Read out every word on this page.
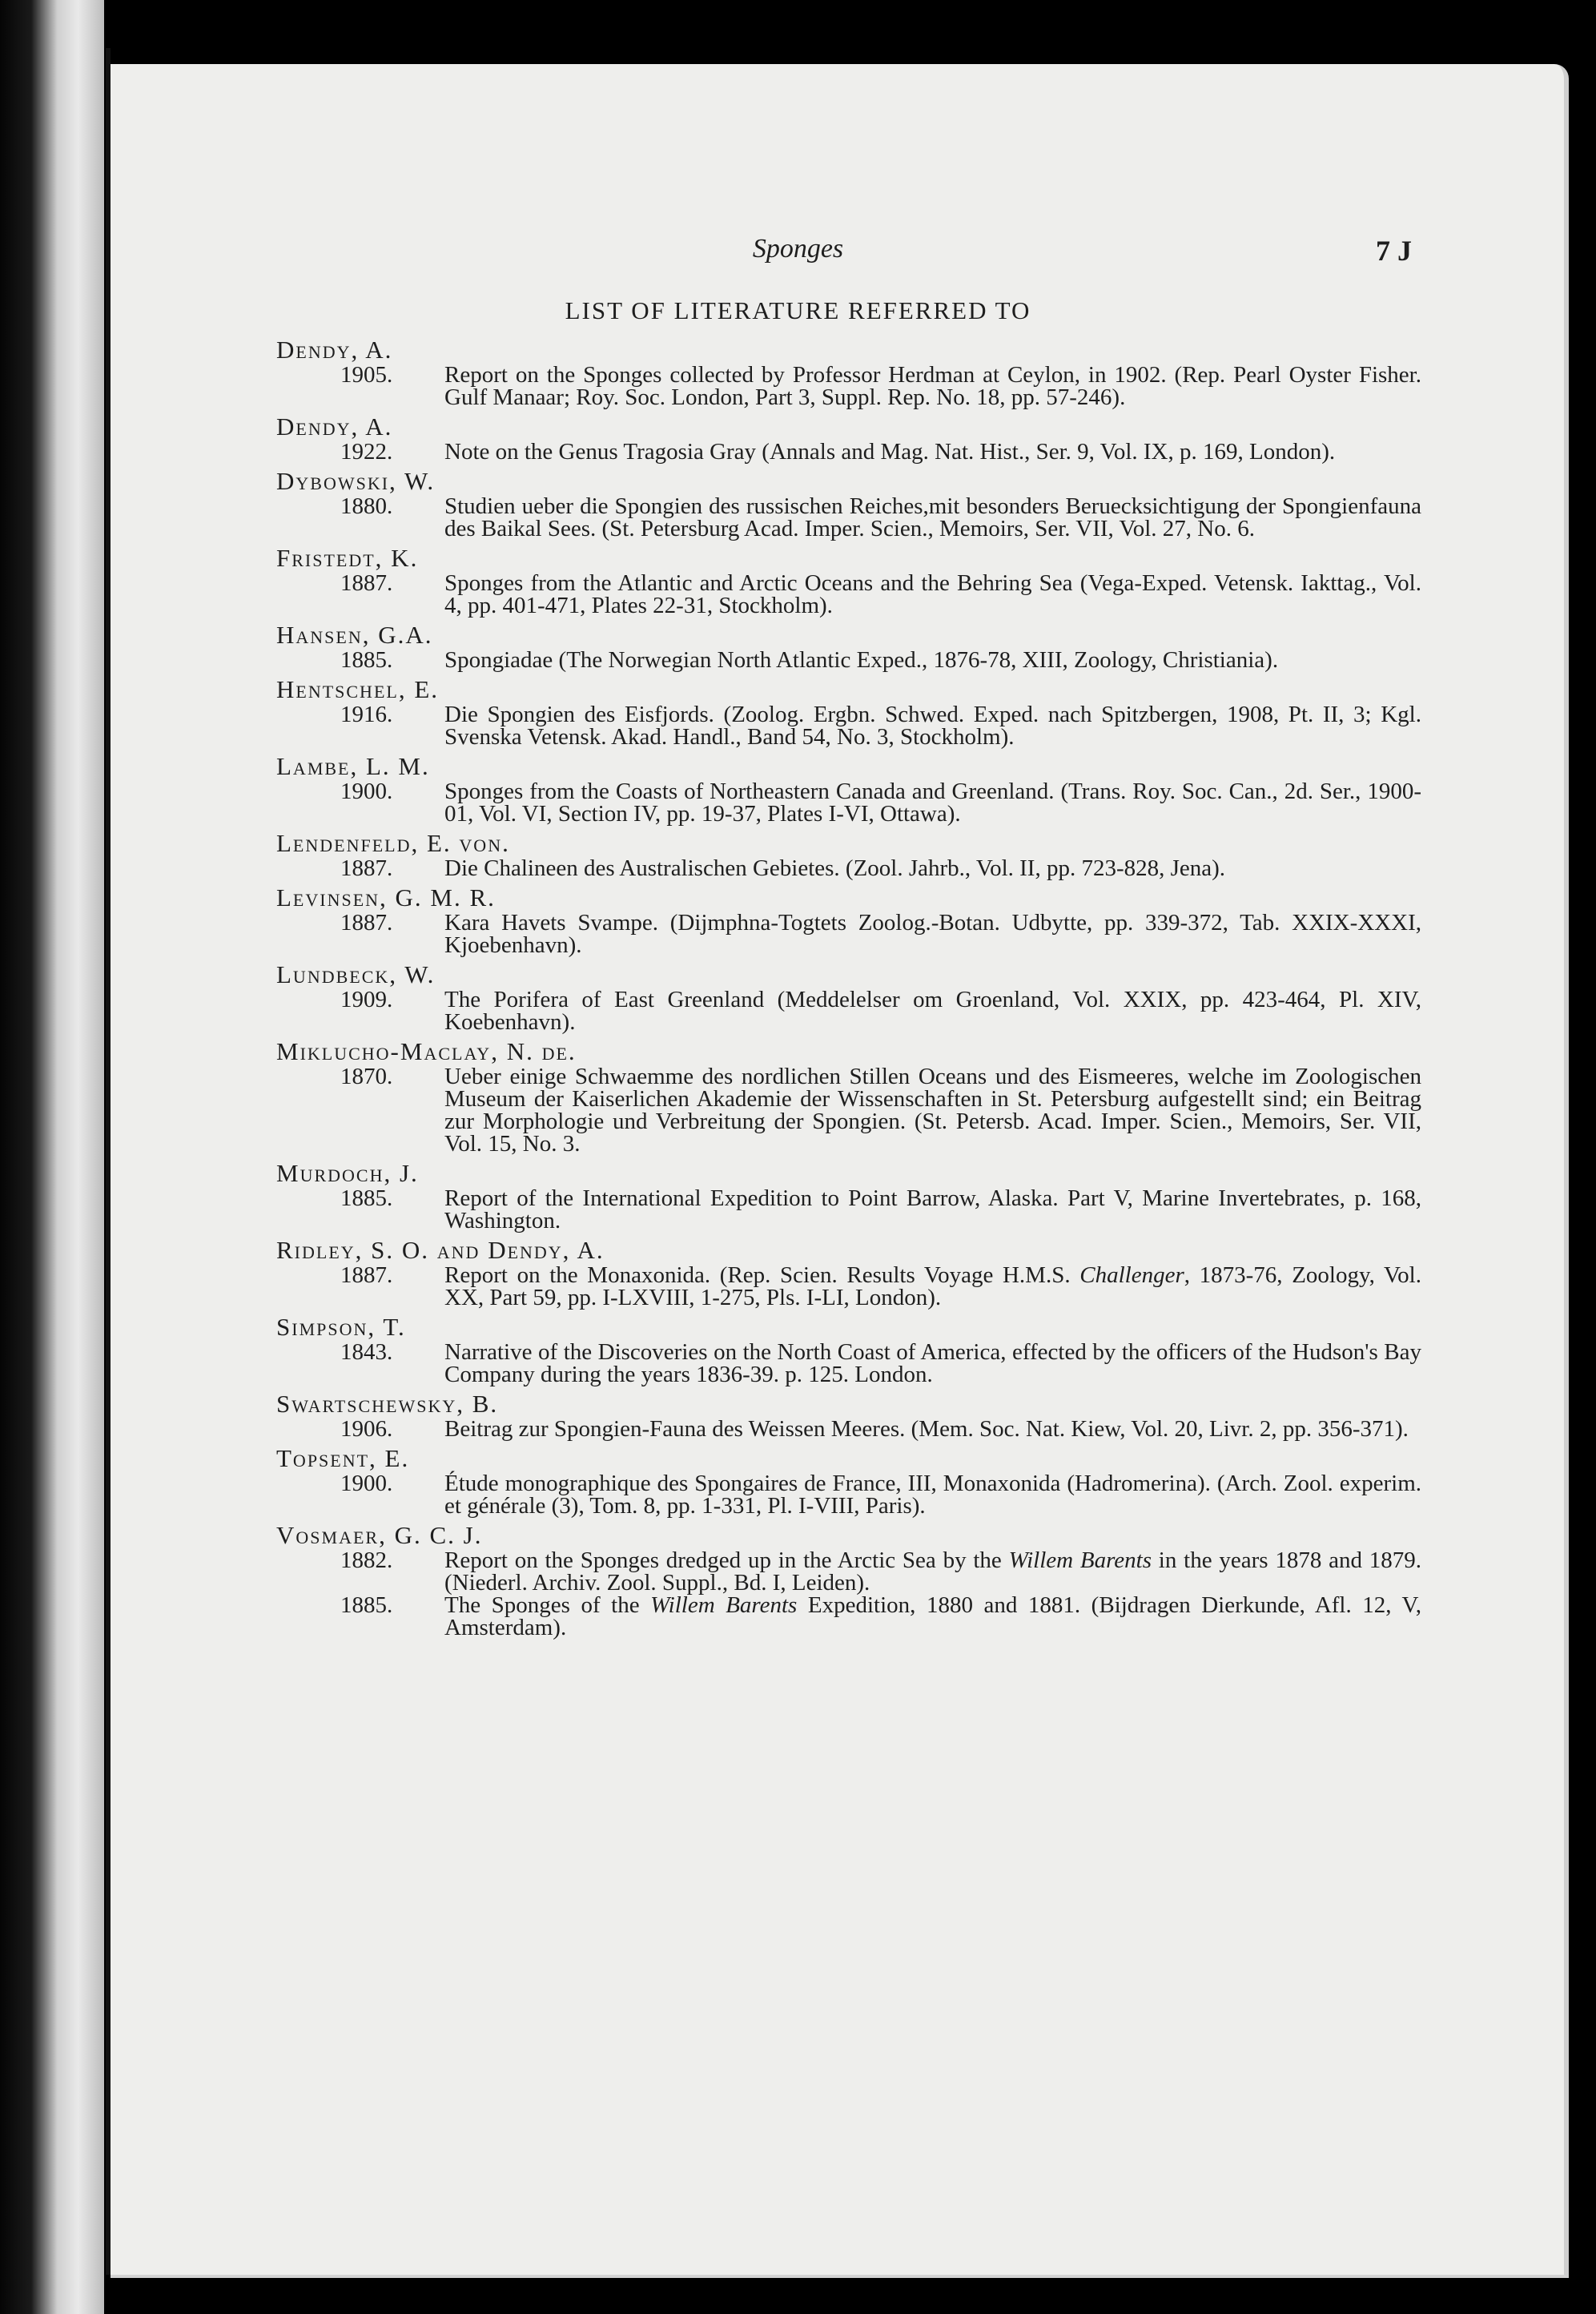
Sponges	7 J
LIST OF LITERATURE REFERRED TO
Dendy, A.
1905.	Report on the Sponges collected by Professor Herdman at Ceylon, in 1902. (Rep. Pearl Oyster Fisher. Gulf Manaar; Roy. Soc. London, Part 3, Suppl. Rep. No. 18, pp. 57-246).
Dendy, A.
1922.	Note on the Genus Tragosia Gray (Annals and Mag. Nat. Hist., Ser. 9, Vol. IX, p. 169, London).
Dybowski, W.
1880.	Studien ueber die Spongien des russischen Reiches,mit besonders Beruecksichtigung der Spongienfauna des Baikal Sees. (St. Petersburg Acad. Imper. Scien., Memoirs, Ser. VII, Vol. 27, No. 6.
Fristedt, K.
1887.	Sponges from the Atlantic and Arctic Oceans and the Behring Sea (Vega-Exped. Vetensk. Iakttag., Vol. 4, pp. 401-471, Plates 22-31, Stockholm).
Hansen, G.A.
1885.	Spongiadae (The Norwegian North Atlantic Exped., 1876-78, XIII, Zoology, Christiania).
Hentschel, E.
1916.	Die Spongien des Eisfjords. (Zoolog. Ergbn. Schwed. Exped. nach Spitzbergen, 1908, Pt. II, 3; Kgl. Svenska Vetensk. Akad. Handl., Band 54, No. 3, Stockholm).
Lambe, L. M.
1900.	Sponges from the Coasts of Northeastern Canada and Greenland. (Trans. Roy. Soc. Can., 2d. Ser., 1900-01, Vol. VI, Section IV, pp. 19-37, Plates I-VI, Ottawa).
Lendenfeld, E. von.
1887.	Die Chalineen des Australischen Gebietes. (Zool. Jahrb., Vol. II, pp. 723-828, Jena).
Levinsen, G. M. R.
1887.	Kara Havets Svampe. (Dijmphna-Togtets Zoolog.-Botan. Udbytte, pp. 339-372, Tab. XXIX-XXXI, Kjoebenhavn).
Lundbeck, W.
1909.	The Porifera of East Greenland (Meddelelser om Groenland, Vol. XXIX, pp. 423-464, Pl. XIV, Koebenhavn).
Miklucho-Maclay, N. de.
1870.	Ueber einige Schwaemme des nordlichen Stillen Oceans und des Eismeeres, welche im Zoologischen Museum der Kaiserlichen Akademie der Wissenschaften in St. Petersburg aufgestellt sind; ein Beitrag zur Morphologie und Verbreitung der Spongien. (St. Petersb. Acad. Imper. Scien., Memoirs, Ser. VII, Vol. 15, No. 3.
Murdoch, J.
1885.	Report of the International Expedition to Point Barrow, Alaska. Part V, Marine Invertebrates, p. 168, Washington.
Ridley, S. O. and Dendy, A.
1887.	Report on the Monaxonida. (Rep. Scien. Results Voyage H.M.S. Challenger, 1873-76, Zoology, Vol. XX, Part 59, pp. I-LXVIII, 1-275, Pls. I-LI, London).
Simpson, T.
1843.	Narrative of the Discoveries on the North Coast of America, effected by the officers of the Hudson's Bay Company during the years 1836-39. p. 125. London.
Swartschewsky, B.
1906.	Beitrag zur Spongien-Fauna des Weissen Meeres. (Mem. Soc. Nat. Kiew, Vol. 20, Livr. 2, pp. 356-371).
Topsent, E.
1900.	Étude monographique des Spongaires de France, III, Monaxonida (Hadromerina). (Arch. Zool. experim. et générale (3), Tom. 8, pp. 1-331, Pl. I-VIII, Paris).
Vosmaer, G. C. J.
1882.	Report on the Sponges dredged up in the Arctic Sea by the Willem Barents in the years 1878 and 1879. (Niederl. Archiv. Zool. Suppl., Bd. I, Leiden).
1885.	The Sponges of the Willem Barents Expedition, 1880 and 1881. (Bijdragen Dierkunde, Afl. 12, V, Amsterdam).
